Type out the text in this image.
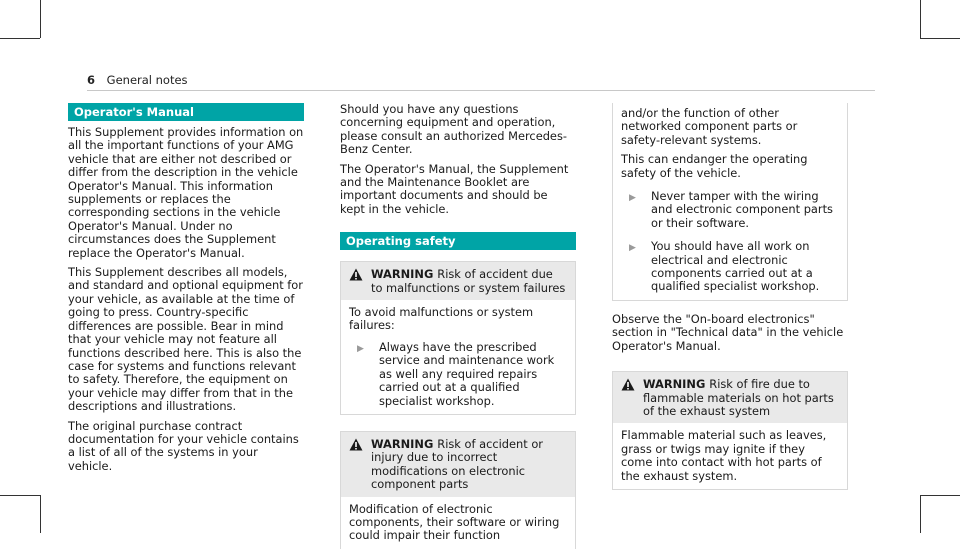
6 General notes
Operator's Manual

This Supplement provides information on all the important functions of your AMG vehicle that are either not described or differ from the description in the vehicle Operator's Manual. This information supplements or replaces the corresponding sections in the vehicle Operator's Manual. Under no circumstances does the Supplement replace the Operator's Manual.

This Supplement describes all models, and standard and optional equipment for your vehicle, as available at the time of going to press. Country-specific differences are possible. Bear in mind that your vehicle may not feature all functions described here. This is also the case for systems and functions relevant to safety. Therefore, the equipment on your vehicle may differ from that in the descriptions and illustrations.

The original purchase contract documentation for your vehicle contains a list of all of the systems in your vehicle.

Should you have any questions concerning equipment and operation, please consult an authorized Mercedes-Benz Center.

The Operator's Manual, the Supplement and the Maintenance Booklet are important documents and should be kept in the vehicle.

Operating safety
WARNING Risk of accident due to malfunctions or system failures

To avoid malfunctions or system failures:

▶
Always have the prescribed service and maintenance work as well any required repairs carried out at a qualified specialist workshop.
WARNING Risk of accident or injury due to incorrect modifications on electronic component parts

Modification of electronic components, their software or wiring could impair their function

and/or the function of other networked component parts or safety-relevant systems.

This can endanger the operating safety of the vehicle.

▶
Never tamper with the wiring and electronic component parts or their software.
▶
You should have all work on electrical and electronic components carried out at a qualified specialist workshop.

Observe the "On-board electronics" section in "Technical data" in the vehicle Operator's Manual.

WARNING Risk of fire due to flammable materials on hot parts of the exhaust system

Flammable material such as leaves, grass or twigs may ignite if they come into contact with hot parts of the exhaust system.
